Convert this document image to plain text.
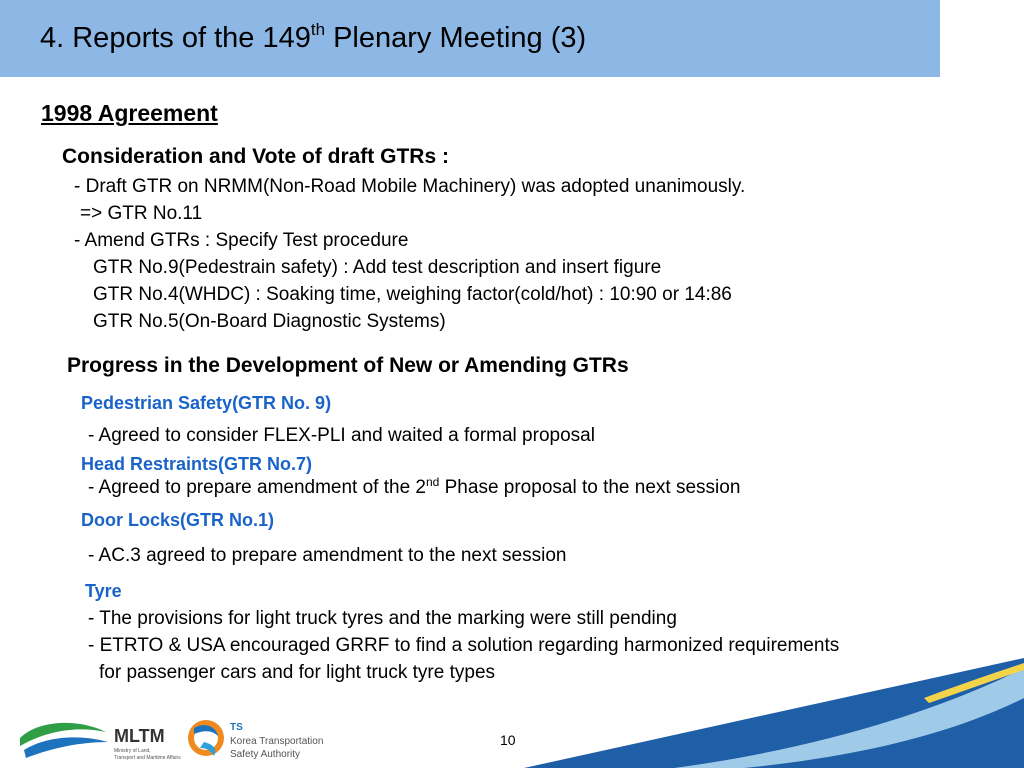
4. Reports of the 149th Plenary Meeting (3)
1998 Agreement
Consideration and Vote of draft GTRs :
- Draft GTR on NRMM(Non-Road Mobile Machinery) was adopted unanimously.
=> GTR No.11
- Amend GTRs : Specify Test procedure
GTR No.9(Pedestrain safety) : Add test description and insert figure
GTR No.4(WHDC) : Soaking time, weighing factor(cold/hot) : 10:90 or 14:86
GTR No.5(On-Board Diagnostic Systems)
Progress in the Development of New or Amending GTRs
Pedestrian Safety(GTR No. 9)
- Agreed to consider FLEX-PLI and waited a formal proposal
Head Restraints(GTR No.7)
- Agreed to prepare amendment of the 2nd Phase proposal to the next session
Door Locks(GTR No.1)
- AC.3 agreed to prepare amendment to the next session
Tyre
- The provisions for light truck tyres and the marking were still pending
- ETRTO & USA encouraged GRRF to find a solution regarding harmonized requirements
for passenger cars and for light truck tyre types
10
MLTM
Ministry of Land,
Transport and Maritime Affairs
TS
Korea Transportation
Safety Authority
